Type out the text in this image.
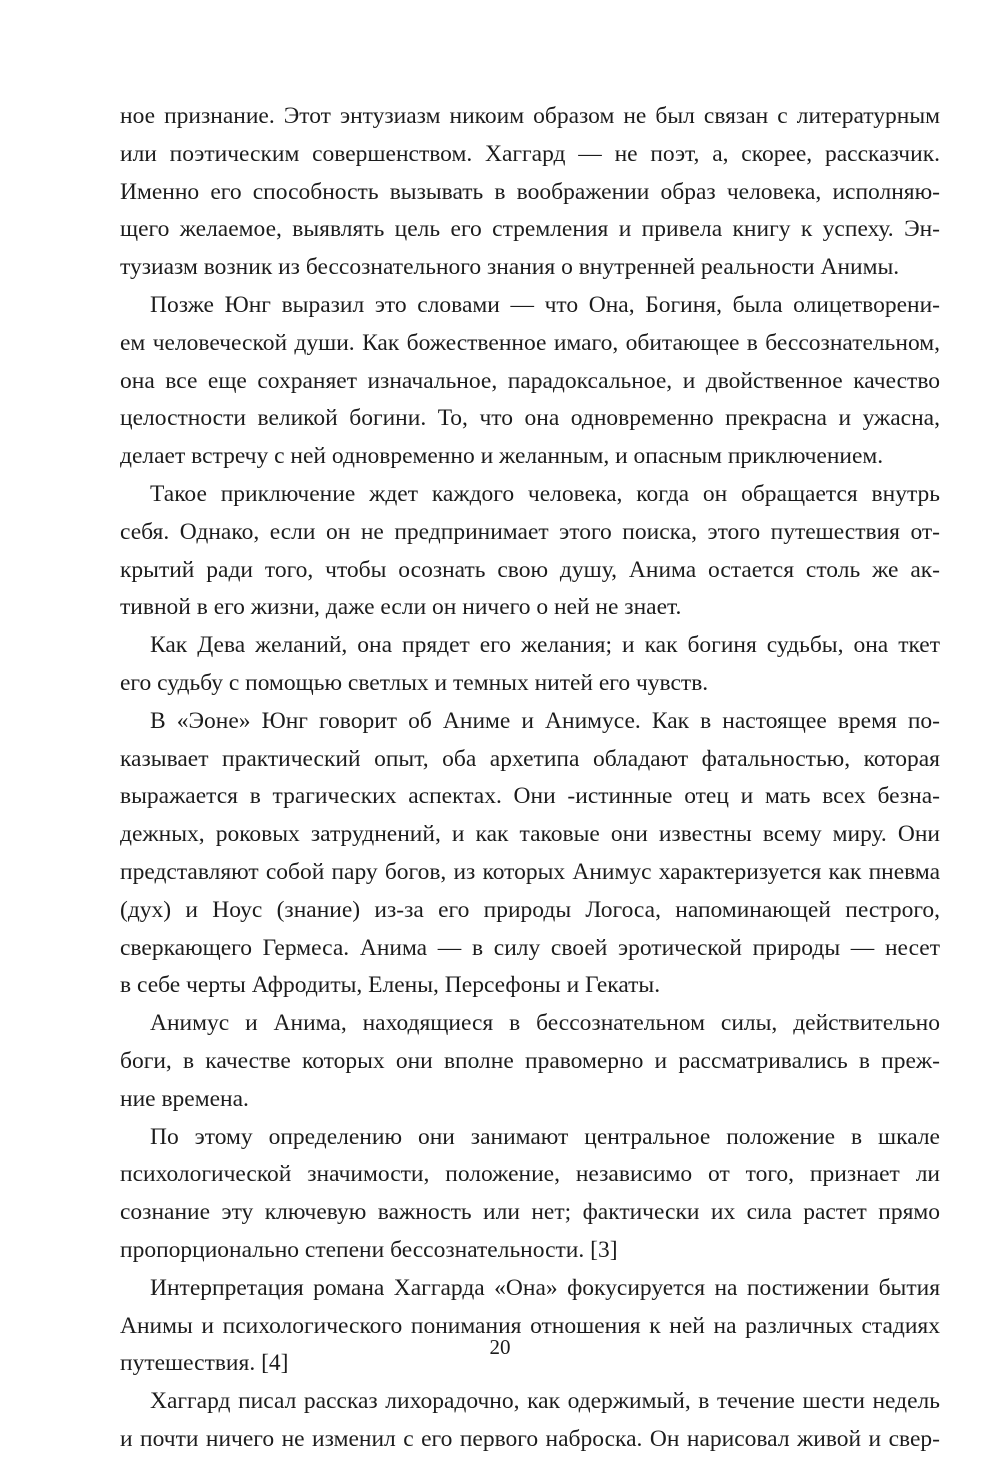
ное признание. Этот энтузиазм никоим образом не был связан с литературным
или поэтическим совершенством. Хаггард — не поэт, а, скорее, рассказчик.
Именно его способность вызывать в воображении образ человека, исполняю-
щего желаемое, выявлять цель его стремления и привела книгу к успеху. Эн-
тузиазм возник из бессознательного знания о внутренней реальности Анимы.

Позже Юнг выразил это словами — что Она, Богиня, была олицетворени-
ем человеческой души. Как божественное имаго, обитающее в бессознательном,
она все еще сохраняет изначальное, парадоксальное, и двойственное качество
целостности великой богини. То, что она одновременно прекрасна и ужасна,
делает встречу с ней одновременно и желанным, и опасным приключением.

Такое приключение ждет каждого человека, когда он обращается внутрь
себя. Однако, если он не предпринимает этого поиска, этого путешествия от-
крытий ради того, чтобы осознать свою душу, Анима остается столь же ак-
тивной в его жизни, даже если он ничего о ней не знает.

Как Дева желаний, она прядет его желания; и как богиня судьбы, она ткет
его судьбу с помощью светлых и темных нитей его чувств.

В «Эоне» Юнг говорит об Аниме и Анимусе. Как в настоящее время по-
казывает практический опыт, оба архетипа обладают фатальностью, которая
выражается в трагических аспектах. Они -истинные отец и мать всех безна-
дежных, роковых затруднений, и как таковые они известны всему миру. Они
представляют собой пару богов, из которых Анимус характеризуется как пневма
(дух) и Ноус (знание) из-за его природы Логоса, напоминающей пестрого,
сверкающего Гермеса. Анима — в силу своей эротической природы — несет
в себе черты Афродиты, Елены, Персефоны и Гекаты.

Анимус и Анима, находящиеся в бессознательном силы, действительно
боги, в качестве которых они вполне правомерно и рассматривались в преж-
ние времена.

По этому определению они занимают центральное положение в шкале
психологической значимости, положение, независимо от того, признает ли
сознание эту ключевую важность или нет; фактически их сила растет прямо
пропорционально степени бессознательности. [3]

Интерпретация романа Хаггарда «Она» фокусируется на постижении бытия
Анимы и психологического понимания отношения к ней на различных стадиях
путешествия. [4]

Хаггард писал рассказ лихорадочно, как одержимый, в течение шести недель
и почти ничего не изменил с его первого наброска. Он нарисовал живой и свер-

20
